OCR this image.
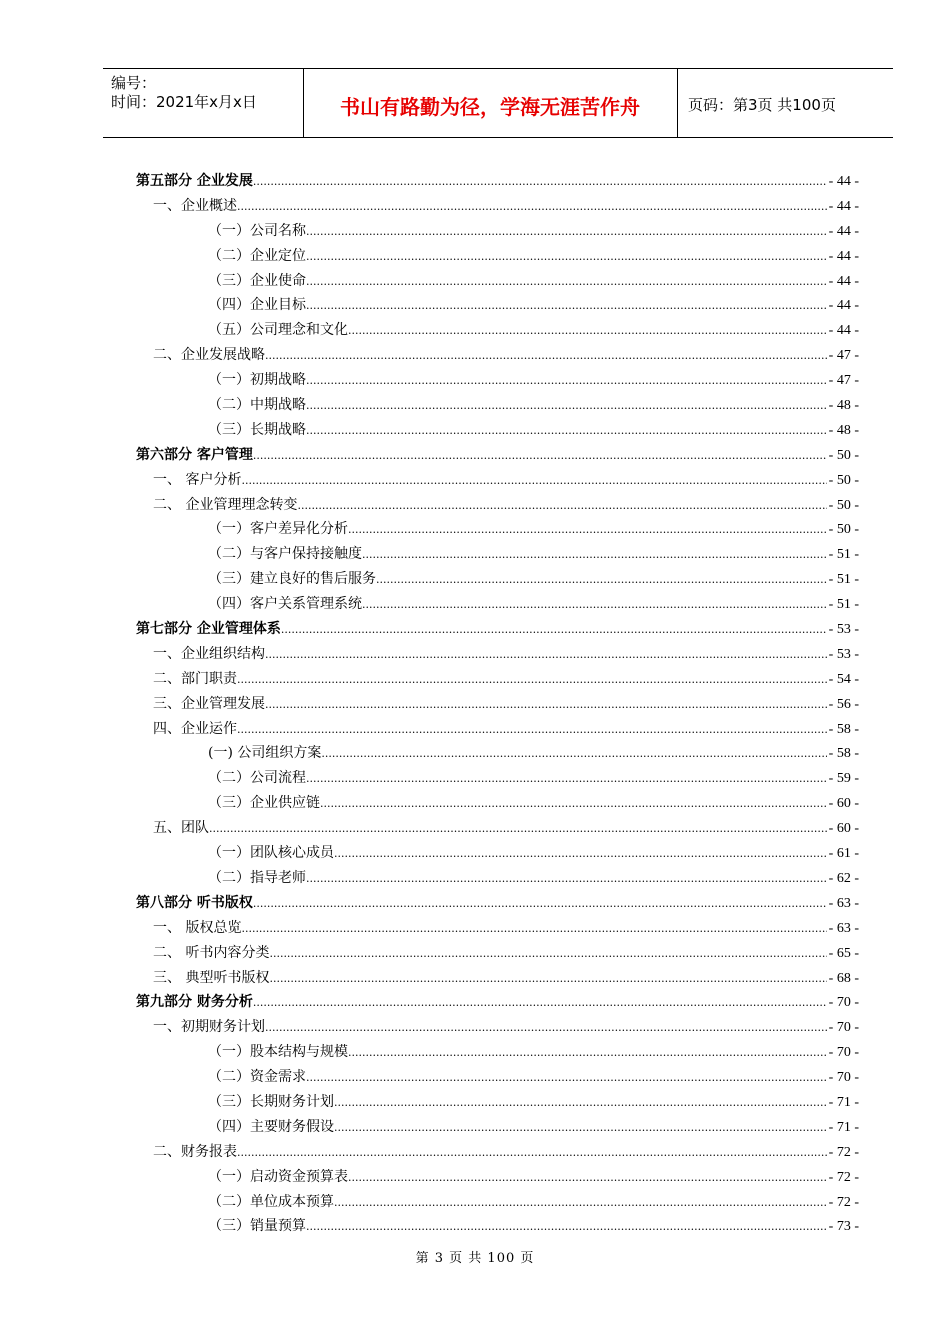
编号：
时间：2021年x月x日	书山有路勤为径，学海无涯苦作舟	页码：第3页 共100页
第五部分 企业发展 .....	- 44 -
一、企业概述 .....	- 44 -
（一）公司名称 .....	- 44 -
（二）企业定位 .....	- 44 -
（三）企业使命 .....	- 44 -
（四）企业目标 .....	- 44 -
（五）公司理念和文化 .....	- 44 -
二、企业发展战略 .....	- 47 -
（一）初期战略 .....	- 47 -
（二）中期战略 .....	- 48 -
（三）长期战略 .....	- 48 -
第六部分 客户管理 .....	- 50 -
一、 客户分析 .....	- 50 -
二、 企业管理理念转变 .....	- 50 -
（一）客户差异化分析 .....	- 50 -
（二）与客户保持接触度 .....	- 51 -
（三）建立良好的售后服务 .....	- 51 -
（四）客户关系管理系统 .....	- 51 -
第七部分 企业管理体系 .....	- 53 -
一、企业组织结构 .....	- 53 -
二、部门职责 .....	- 54 -
三、企业管理发展 .....	- 56 -
四、企业运作 .....	- 58 -
(一) 公司组织方案 .....	- 58 -
（二）公司流程 .....	- 59 -
（三）企业供应链 .....	- 60 -
五、团队 .....	- 60 -
（一）团队核心成员 .....	- 61 -
（二）指导老师 .....	- 62 -
第八部分 听书版权 .....	- 63 -
一、 版权总览 .....	- 63 -
二、 听书内容分类 .....	- 65 -
三、 典型听书版权 .....	- 68 -
第九部分 财务分析 .....	- 70 -
一、初期财务计划 .....	- 70 -
（一）股本结构与规模 .....	- 70 -
（二）资金需求 .....	- 70 -
（三）长期财务计划 .....	- 71 -
（四）主要财务假设 .....	- 71 -
二、财务报表 .....	- 72 -
（一）启动资金预算表 .....	- 72 -
（二）单位成本预算 .....	- 72 -
（三）销量预算 .....	- 73 -
第 3 页 共 100 页
